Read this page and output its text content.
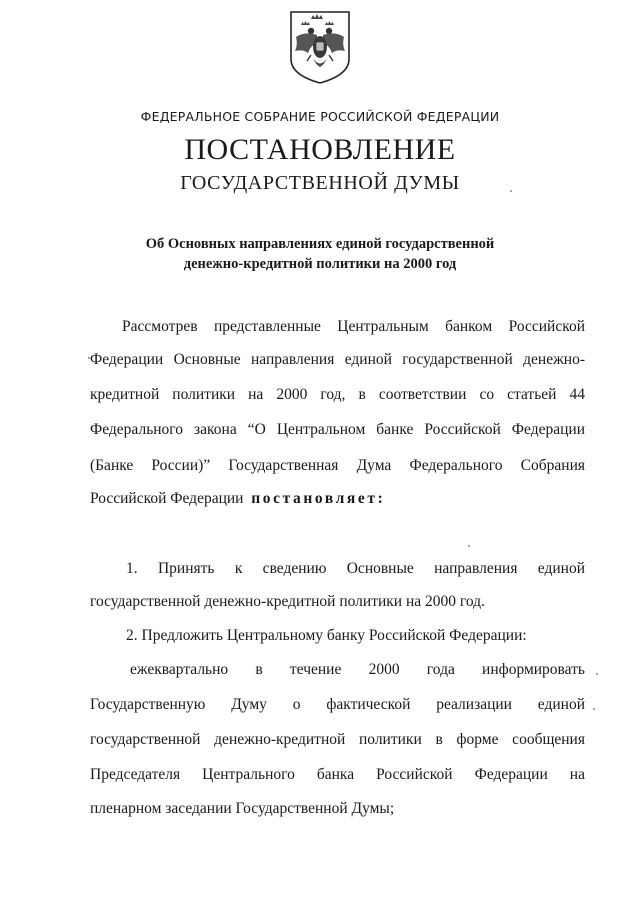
ФЕДЕРАЛЬНОЕ СОБРАНИЕ РОССИЙСКОЙ ФЕДЕРАЦИИ
ПОСТАНОВЛЕНИЕ
ГОСУДАРСТВЕННОЙ ДУМЫ
Об Основных направлениях единой государственной
денежно-кредитной политики на 2000 год
Рассмотрев представленные Центральным банком Российской
Федерации Основные направления единой государственной денежно-
кредитной политики на 2000 год, в соответствии со статьей 44
Федерального закона “О Центральном банке Российской Федерации
(Банке России)” Государственная Дума Федерального Собрания
Российской Федерации постановляет:
1. Принять к сведению Основные направления единой
государственной денежно-кредитной политики на 2000 год.
2. Предложить Центральному банку Российской Федерации:
ежеквартально в течение 2000 года информировать
Государственную Думу о фактической реализации единой
государственной денежно-кредитной политики в форме сообщения
Председателя Центрального банка Российской Федерации на
пленарном заседании Государственной Думы;
